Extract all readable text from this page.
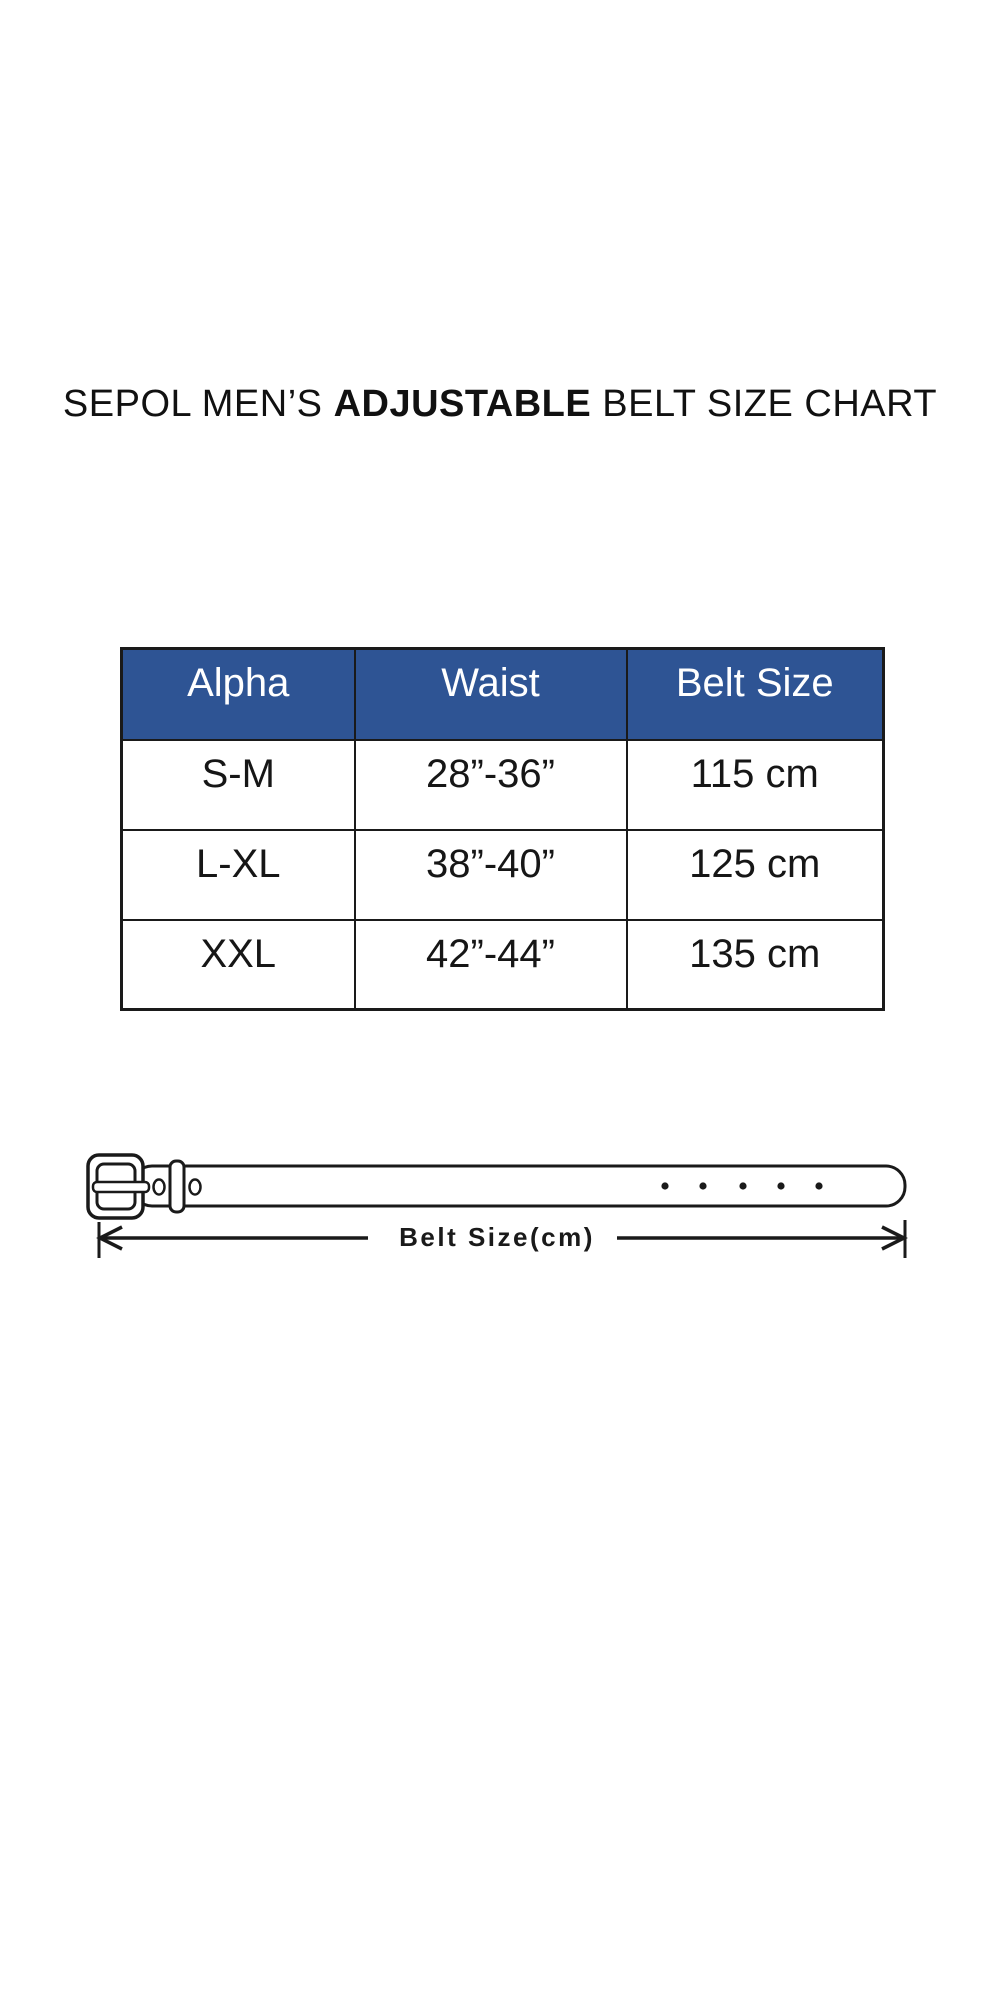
SEPOL MEN’S ADJUSTABLE BELT SIZE CHART
Alpha	Waist	Belt Size
S-M	28”-36”	115 cm
L-XL	38”-40”	125 cm
XXL	42”-44”	135 cm
Belt Size(cm)
